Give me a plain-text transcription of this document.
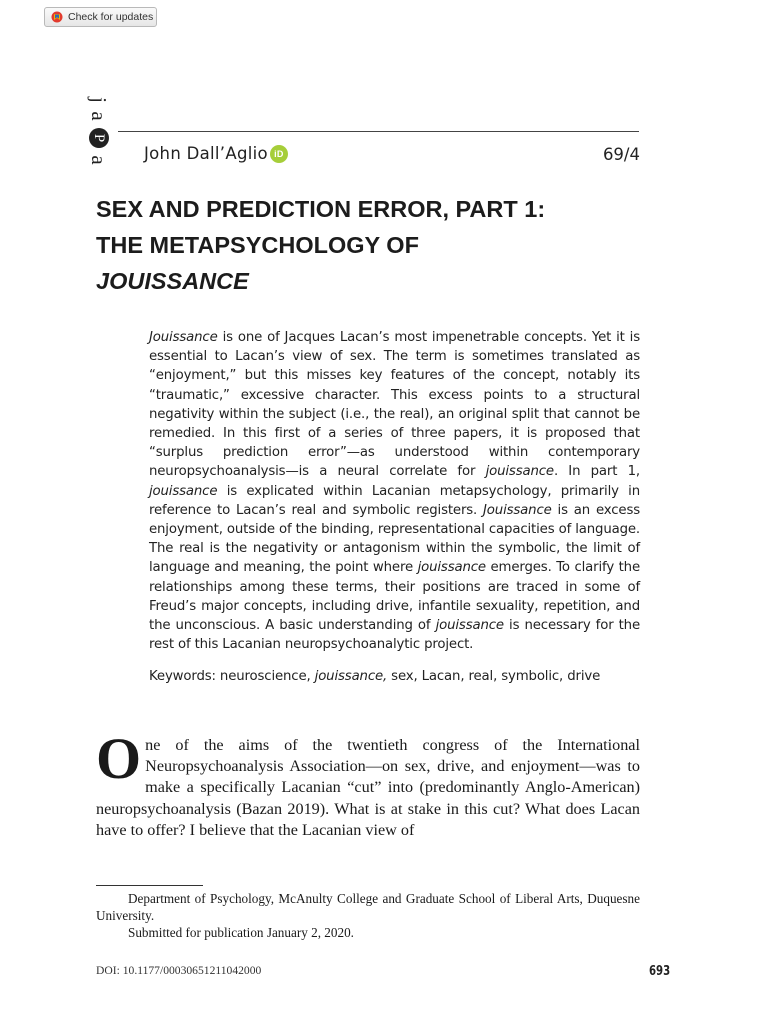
Check for updates
j
a
P
a John Dall’Aglio iD	69/4
SEX AND PREDICTION ERROR, PART 1:
THE METAPSYCHOLOGY OF
JOUISSANCE

Jouissance is one of Jacques Lacan’s most impenetrable concepts. Yet it is essential to Lacan’s view of sex. The term is sometimes translated as “enjoyment,” but this misses key features of the concept, notably its “traumatic,” excessive character. This excess points to a structural negativity within the subject (i.e., the real), an original split that cannot be remedied. In this first of a series of three papers, it is proposed that “surplus prediction error”—as understood within contemporary neuropsychoanalysis—is a neural correlate for jouissance. In part 1, jouissance is explicated within Lacanian metapsychology, primarily in reference to Lacan’s real and symbolic registers. Jouissance is an excess enjoyment, outside of the binding, representational capacities of language. The real is the negativity or antagonism within the symbolic, the limit of language and meaning, the point where jouissance emerges. To clarify the relationships among these terms, their positions are traced in some of Freud’s major concepts, including drive, infantile sexuality, repetition, and the unconscious. A basic understanding of jouissance is necessary for the rest of this Lacanian neuropsychoanalytic project.

Keywords: neuroscience, jouissance, sex, Lacan, real, symbolic, drive

One of the aims of the twentieth congress of the International Neuropsychoanalysis Association—on sex, drive, and enjoyment—was to make a specifically Lacanian “cut” into (predominantly Anglo-American) neuropsychoanalysis (Bazan 2019). What is at stake in this cut? What does Lacan have to offer? I believe that the Lacanian view of

Department of Psychology, McAnulty College and Graduate School of Liberal Arts, Duquesne University.

Submitted for publication January 2, 2020.

DOI: 10.1177/00030651211042000	693
